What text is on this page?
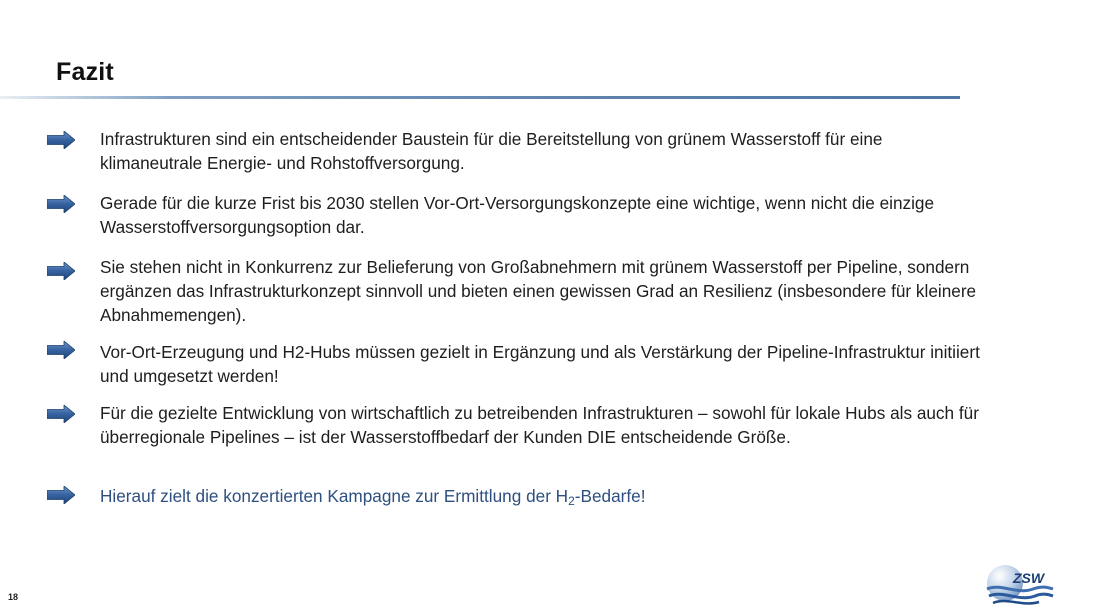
Fazit
Infrastrukturen sind ein entscheidender Baustein für die Bereitstellung von grünem Wasserstoff für eine klimaneutrale Energie- und Rohstoffversorgung.
Gerade für die kurze Frist bis 2030 stellen Vor-Ort-Versorgungskonzepte eine wichtige, wenn nicht die einzige Wasserstoffversorgungsoption dar.
Sie stehen nicht in Konkurrenz zur Belieferung von Großabnehmern mit grünem Wasserstoff per Pipeline, sondern ergänzen das Infrastrukturkonzept sinnvoll und bieten einen gewissen Grad an Resilienz (insbesondere für kleinere Abnahmemengen).
Vor-Ort-Erzeugung und H2-Hubs müssen gezielt in Ergänzung und als Verstärkung der Pipeline-Infrastruktur initiiert und umgesetzt werden!
Für die gezielte Entwicklung von wirtschaftlich zu betreibenden Infrastrukturen – sowohl für lokale Hubs als auch für überregionale Pipelines – ist der Wasserstoffbedarf der Kunden DIE entscheidende Größe.
Hierauf zielt die konzertierten Kampagne zur Ermittlung der $H_2$-Bedarfe!
18
ZSW
